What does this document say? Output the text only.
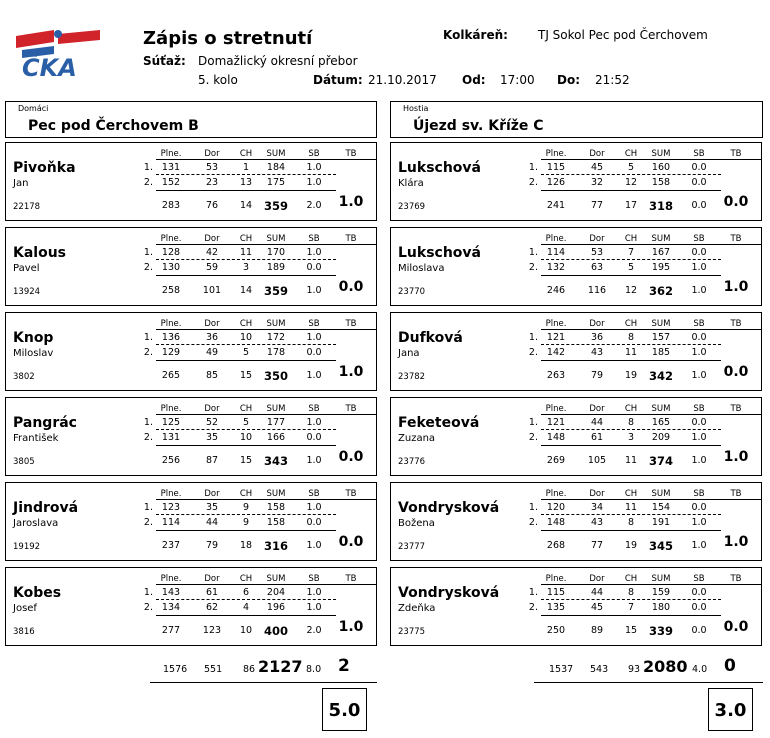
ČKA
Zápis o stretnutí
Súťaž: Domažlický okresní přebor
5. kolo	Dátum: 21.10.2017 Od: 17:00 Do: 21:52
Kolkáreň:	TJ Sokol Pec pod Čerchovem
Domáci
Pec pod Čerchovem B
Hostia
Újezd sv. Kříže C
Plne.	Dor	CH	SUM	SB	TB
Pivoňka
Jan
22178
1. 131	53	1	184	1.0
2. 152	23	13	175	1.0
283	76	14	359	2.0	1.0
Plne.	Dor	CH	SUM	SB	TB
Kalous
Pavel
13924
1. 128	42	11	170	1.0
2. 130	59	3	189	0.0
258	101	14	359	1.0	0.0
Plne.	Dor	CH	SUM	SB	TB
Knop
Miloslav
3802
1. 136	36	10	172	1.0
2. 129	49	5	178	0.0
265	85	15	350	1.0	1.0
Plne.	Dor	CH	SUM	SB	TB
Pangrác
František
3805
1. 125	52	5	177	1.0
2. 131	35	10	166	0.0
256	87	15	343	1.0	0.0
Plne.	Dor	CH	SUM	SB	TB
Jindrová
Jaroslava
19192
1. 123	35	9	158	1.0
2. 114	44	9	158	0.0
237	79	18	316	1.0	0.0
Plne.	Dor	CH	SUM	SB	TB
Kobes
Josef
3816
1. 143	61	6	204	1.0
2. 134	62	4	196	1.0
277	123	10	400	2.0	1.0
Plne.	Dor	CH	SUM	SB	TB
Lukschová
Klára
23769
1. 115	45	5	160	0.0
2. 126	32	12	158	0.0
241	77	17	318	0.0	0.0
Plne.	Dor	CH	SUM	SB	TB
Lukschová
Miloslava
23770
1. 114	53	7	167	0.0
2. 132	63	5	195	1.0
246	116	12	362	1.0	1.0
Plne.	Dor	CH	SUM	SB	TB
Dufková
Jana
23782
1. 121	36	8	157	0.0
2. 142	43	11	185	1.0
263	79	19	342	1.0	0.0
Plne.	Dor	CH	SUM	SB	TB
Feketeová
Zuzana
23776
1. 121	44	8	165	0.0
2. 148	61	3	209	1.0
269	105	11	374	1.0	1.0
Plne.	Dor	CH	SUM	SB	TB
Vondrysková
Božena
23777
1. 120	34	11	154	0.0
2. 148	43	8	191	1.0
268	77	19	345	1.0	1.0
Plne.	Dor	CH	SUM	SB	TB
Vondrysková
Zdeňka
23775
1. 115	44	8	159	0.0
2. 135	45	7	180	0.0
250	89	15	339	0.0	0.0
1576 551 86 2127 8.0 2
5.0
1537 543 93 2080 4.0 0
3.0
